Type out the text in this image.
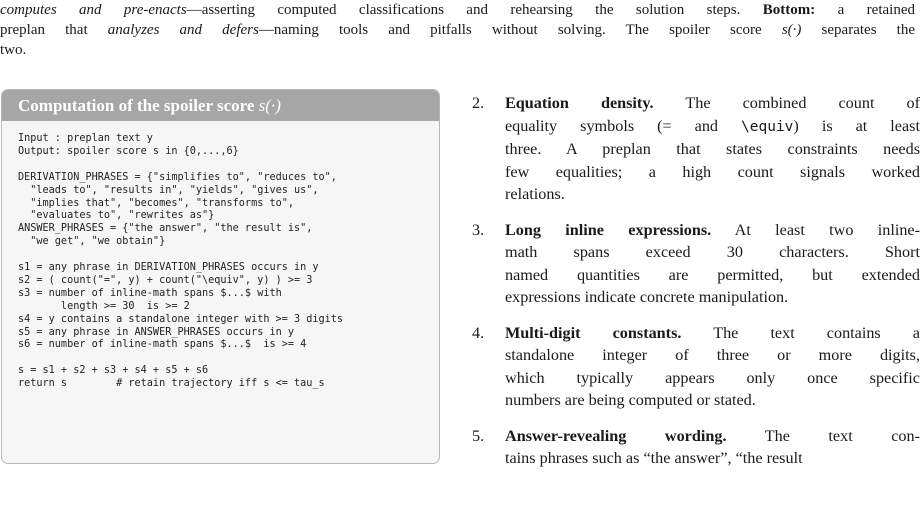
computes and pre-enacts—asserting computed classifications and rehearsing the solution steps. Bottom: a retained
preplan that analyzes and defers—naming tools and pitfalls without solving. The spoiler score s(·) separates the
two.
Computation of the spoiler score s(·)
Input : preplan text y
Output: spoiler score s in {0,...,6}
DERIVATION_PHRASES = {"simplifies to", "reduces to",
"leads to", "results in", "yields", "gives us",
"implies that", "becomes", "transforms to",
"evaluates to", "rewrites as"}
ANSWER_PHRASES = {"the answer", "the result is",
"we get", "we obtain"}
s1 = any phrase in DERIVATION_PHRASES occurs in y
s2 = ( count("=", y) + count("\equiv", y) ) >= 3
s3 = number of inline-math spans $...$ with
length >= 30  is >= 2
s4 = y contains a standalone integer with >= 3 digits
s5 = any phrase in ANSWER_PHRASES occurs in y
s6 = number of inline-math spans $...$  is >= 4
s = s1 + s2 + s3 + s4 + s5 + s6
return s        # retain trajectory iff s <= tau_s
2. Equation density. The combined count of
equality symbols (= and \equiv) is at least
three. A preplan that states constraints needs
few equalities; a high count signals worked
relations.
3. Long inline expressions. At least two inline-
math spans exceed 30 characters. Short
named quantities are permitted, but extended
expressions indicate concrete manipulation.
4. Multi-digit constants. The text contains a
standalone integer of three or more digits,
which typically appears only once specific
numbers are being computed or stated.
5. Answer-revealing wording. The text con-
tains phrases such as “the answer”, “the result
